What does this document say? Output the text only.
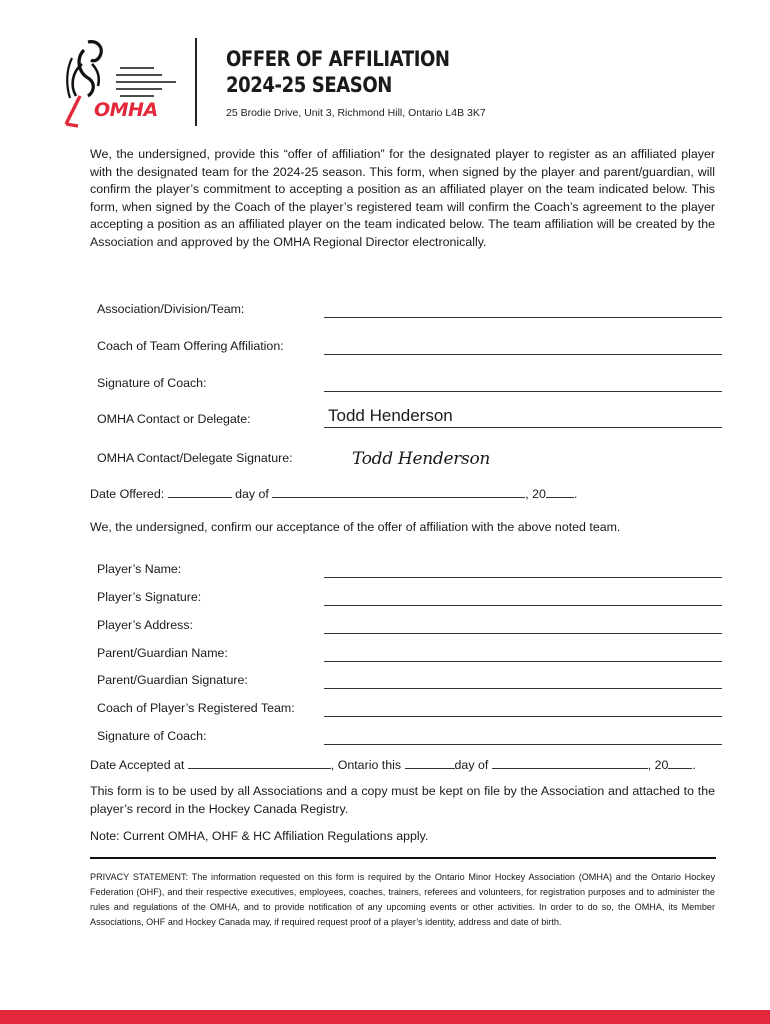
OMHA
OFFER OF AFFILIATION
2024-25 SEASON
25 Brodie Drive, Unit 3, Richmond Hill, Ontario L4B 3K7
We, the undersigned, provide this “offer of affiliation” for the designated player to register as an affiliated player with the designated team for the 2024-25 season. This form, when signed by the player and parent/guardian, will confirm the player’s commitment to accepting a position as an affiliated player on the team indicated below. This form, when signed by the Coach of the player’s registered team will confirm the Coach’s agreement to the player accepting a position as an affiliated player on the team indicated below. The team affiliation will be created by the Association and approved by the OMHA Regional Director electronically.
Association/Division/Team:
Coach of Team Offering Affiliation:
Signature of Coach:
OMHA Contact or Delegate:	Todd Henderson
OMHA Contact/Delegate Signature:	Todd Henderson
Date Offered:	day of	, 20 .
We, the undersigned, confirm our acceptance of the offer of affiliation with the above noted team.
Player’s Name:
Player’s Signature:
Player’s Address:
Parent/Guardian Name:
Parent/Guardian Signature:
Coach of Player’s Registered Team:
Signature of Coach:
Date Accepted at	, Ontario this	day of	, 20 .
This form is to be used by all Associations and a copy must be kept on file by the Association and attached to the player’s record in the Hockey Canada Registry.
Note: Current OMHA, OHF & HC Affiliation Regulations apply.
PRIVACY STATEMENT: The information requested on this form is required by the Ontario Minor Hockey Association (OMHA) and the Ontario Hockey Federation (OHF), and their respective executives, employees, coaches, trainers, referees and volunteers, for registration purposes and to administer the rules and regulations of the OMHA, and to provide notification of any upcoming events or other activities. In order to do so, the OMHA, its Member Associations, OHF and Hockey Canada may, if required request proof of a player’s identity, address and date of birth.
